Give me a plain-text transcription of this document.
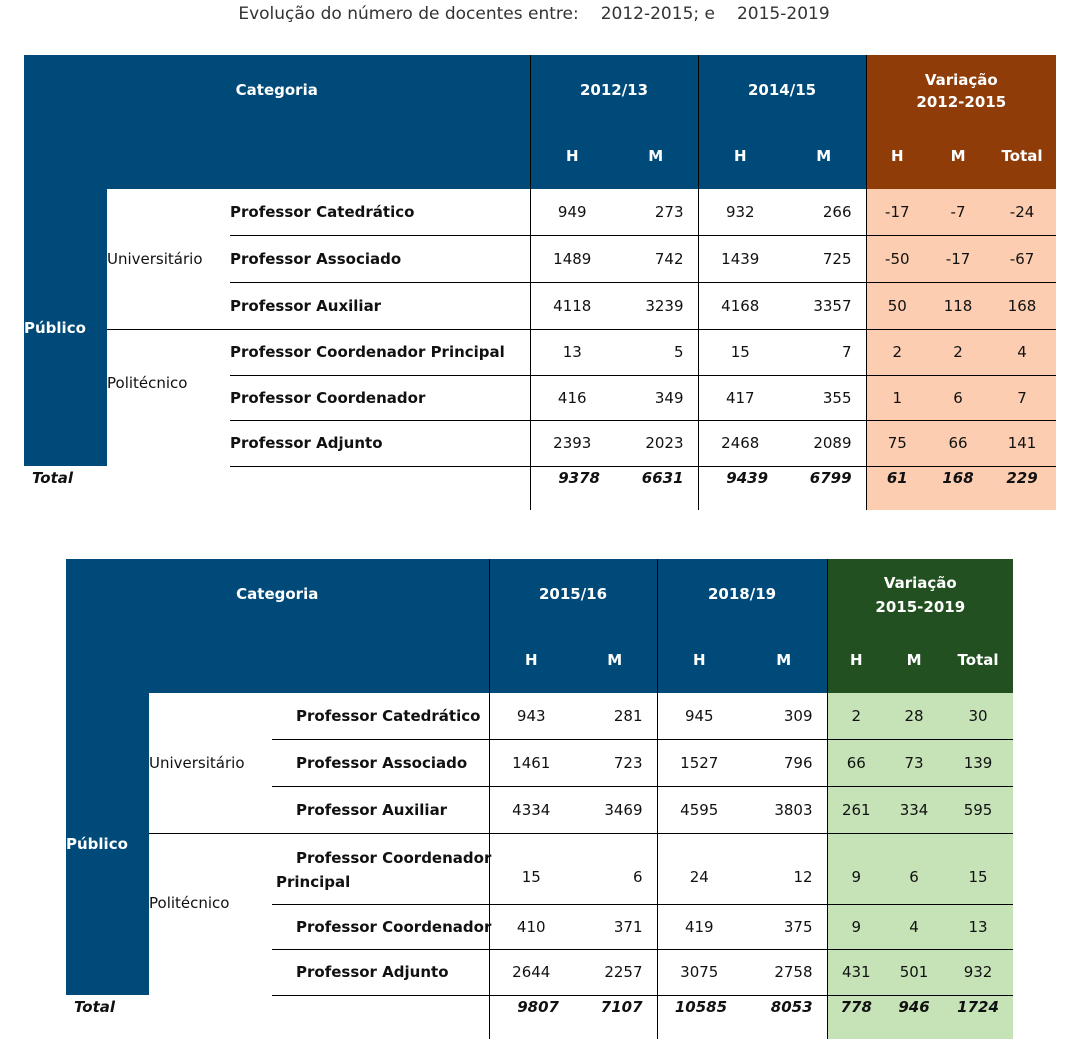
Evolução do número de docentes entre: 2012-2015; e 2015-2019
Categoria			2012/13		2014/15		Variação
2012-2015		

			H	M	H	M	H	M	Total
Público	Universitário	Professor Catedrático	949	273	932	266	-17	-7	-24
		Professor Associado	1489	742	1439	725	-50	-17	-67
		Professor Auxiliar	4118	3239	4168	3357	50	118	168

	Politécnico	Professor Coordenador Principal	13	5	15	7	2	2	4
		Professor Coordenador	416	349	417	355	1	6	7
		Professor Adjunto	2393	2023	2468	2089	75	66	141
Total			9378	6631	9439	6799	61	168	229
Categoria			2015/16		2018/19		Variação
2015-2019		

			H	M	H	M	H	M	Total
Público	Universitário	Professor Catedrático	943	281	945	309	2	28	30
		Professor Associado	1461	723	1527	796	66	73	139
		Professor Auxiliar	4334	3469	4595	3803	261	334	595

	Politécnico	Professor Coordenador
Principal	15	6	24	12	9	6	15
		Professor Coordenador	410	371	419	375	9	4	13
		Professor Adjunto	2644	2257	3075	2758	431	501	932
Total			9807	7107	10585	8053	778	946	1724
